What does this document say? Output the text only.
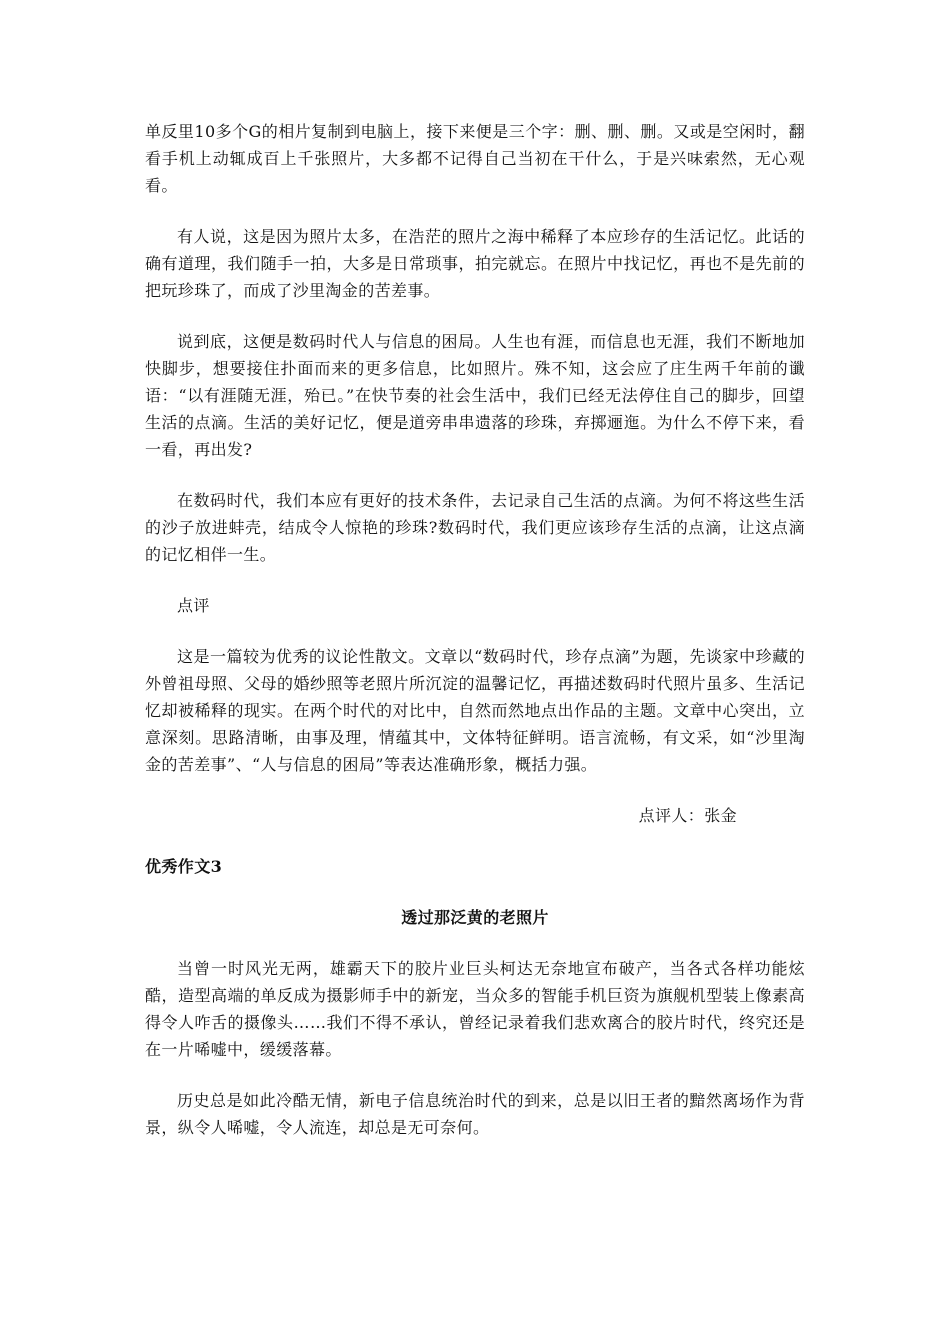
单反里10多个G的相片复制到电脑上，接下来便是三个字：删、删、删。又或是空闲时，翻看手机上动辄成百上千张照片，大多都不记得自己当初在干什么，于是兴味索然，无心观看。

有人说，这是因为照片太多，在浩茫的照片之海中稀释了本应珍存的生活记忆。此话的确有道理，我们随手一拍，大多是日常琐事，拍完就忘。在照片中找记忆，再也不是先前的把玩珍珠了，而成了沙里淘金的苦差事。

说到底，这便是数码时代人与信息的困局。人生也有涯，而信息也无涯，我们不断地加快脚步，想要接住扑面而来的更多信息，比如照片。殊不知，这会应了庄生两千年前的谶语：“以有涯随无涯，殆已。”在快节奏的社会生活中，我们已经无法停住自己的脚步，回望生活的点滴。生活的美好记忆，便是道旁串串遗落的珍珠，弃掷逦迤。为什么不停下来，看一看，再出发?

在数码时代，我们本应有更好的技术条件，去记录自己生活的点滴。为何不将这些生活的沙子放进蚌壳，结成令人惊艳的珍珠?数码时代，我们更应该珍存生活的点滴，让这点滴的记忆相伴一生。

点评

这是一篇较为优秀的议论性散文。文章以“数码时代，珍存点滴”为题，先谈家中珍藏的外曾祖母照、父母的婚纱照等老照片所沉淀的温馨记忆，再描述数码时代照片虽多、生活记忆却被稀释的现实。在两个时代的对比中，自然而然地点出作品的主题。文章中心突出，立意深刻。思路清晰，由事及理，情蕴其中，文体特征鲜明。语言流畅，有文采，如“沙里淘金的苦差事”、“人与信息的困局”等表达准确形象，概括力强。

点评人：张金

优秀作文3

透过那泛黄的老照片

当曾一时风光无两，雄霸天下的胶片业巨头柯达无奈地宣布破产，当各式各样功能炫酷，造型高端的单反成为摄影师手中的新宠，当众多的智能手机巨资为旗舰机型装上像素高得令人咋舌的摄像头……我们不得不承认，曾经记录着我们悲欢离合的胶片时代，终究还是在一片唏嘘中，缓缓落幕。

历史总是如此冷酷无情，新电子信息统治时代的到来，总是以旧王者的黯然离场作为背景，纵令人唏嘘，令人流连，却总是无可奈何。
